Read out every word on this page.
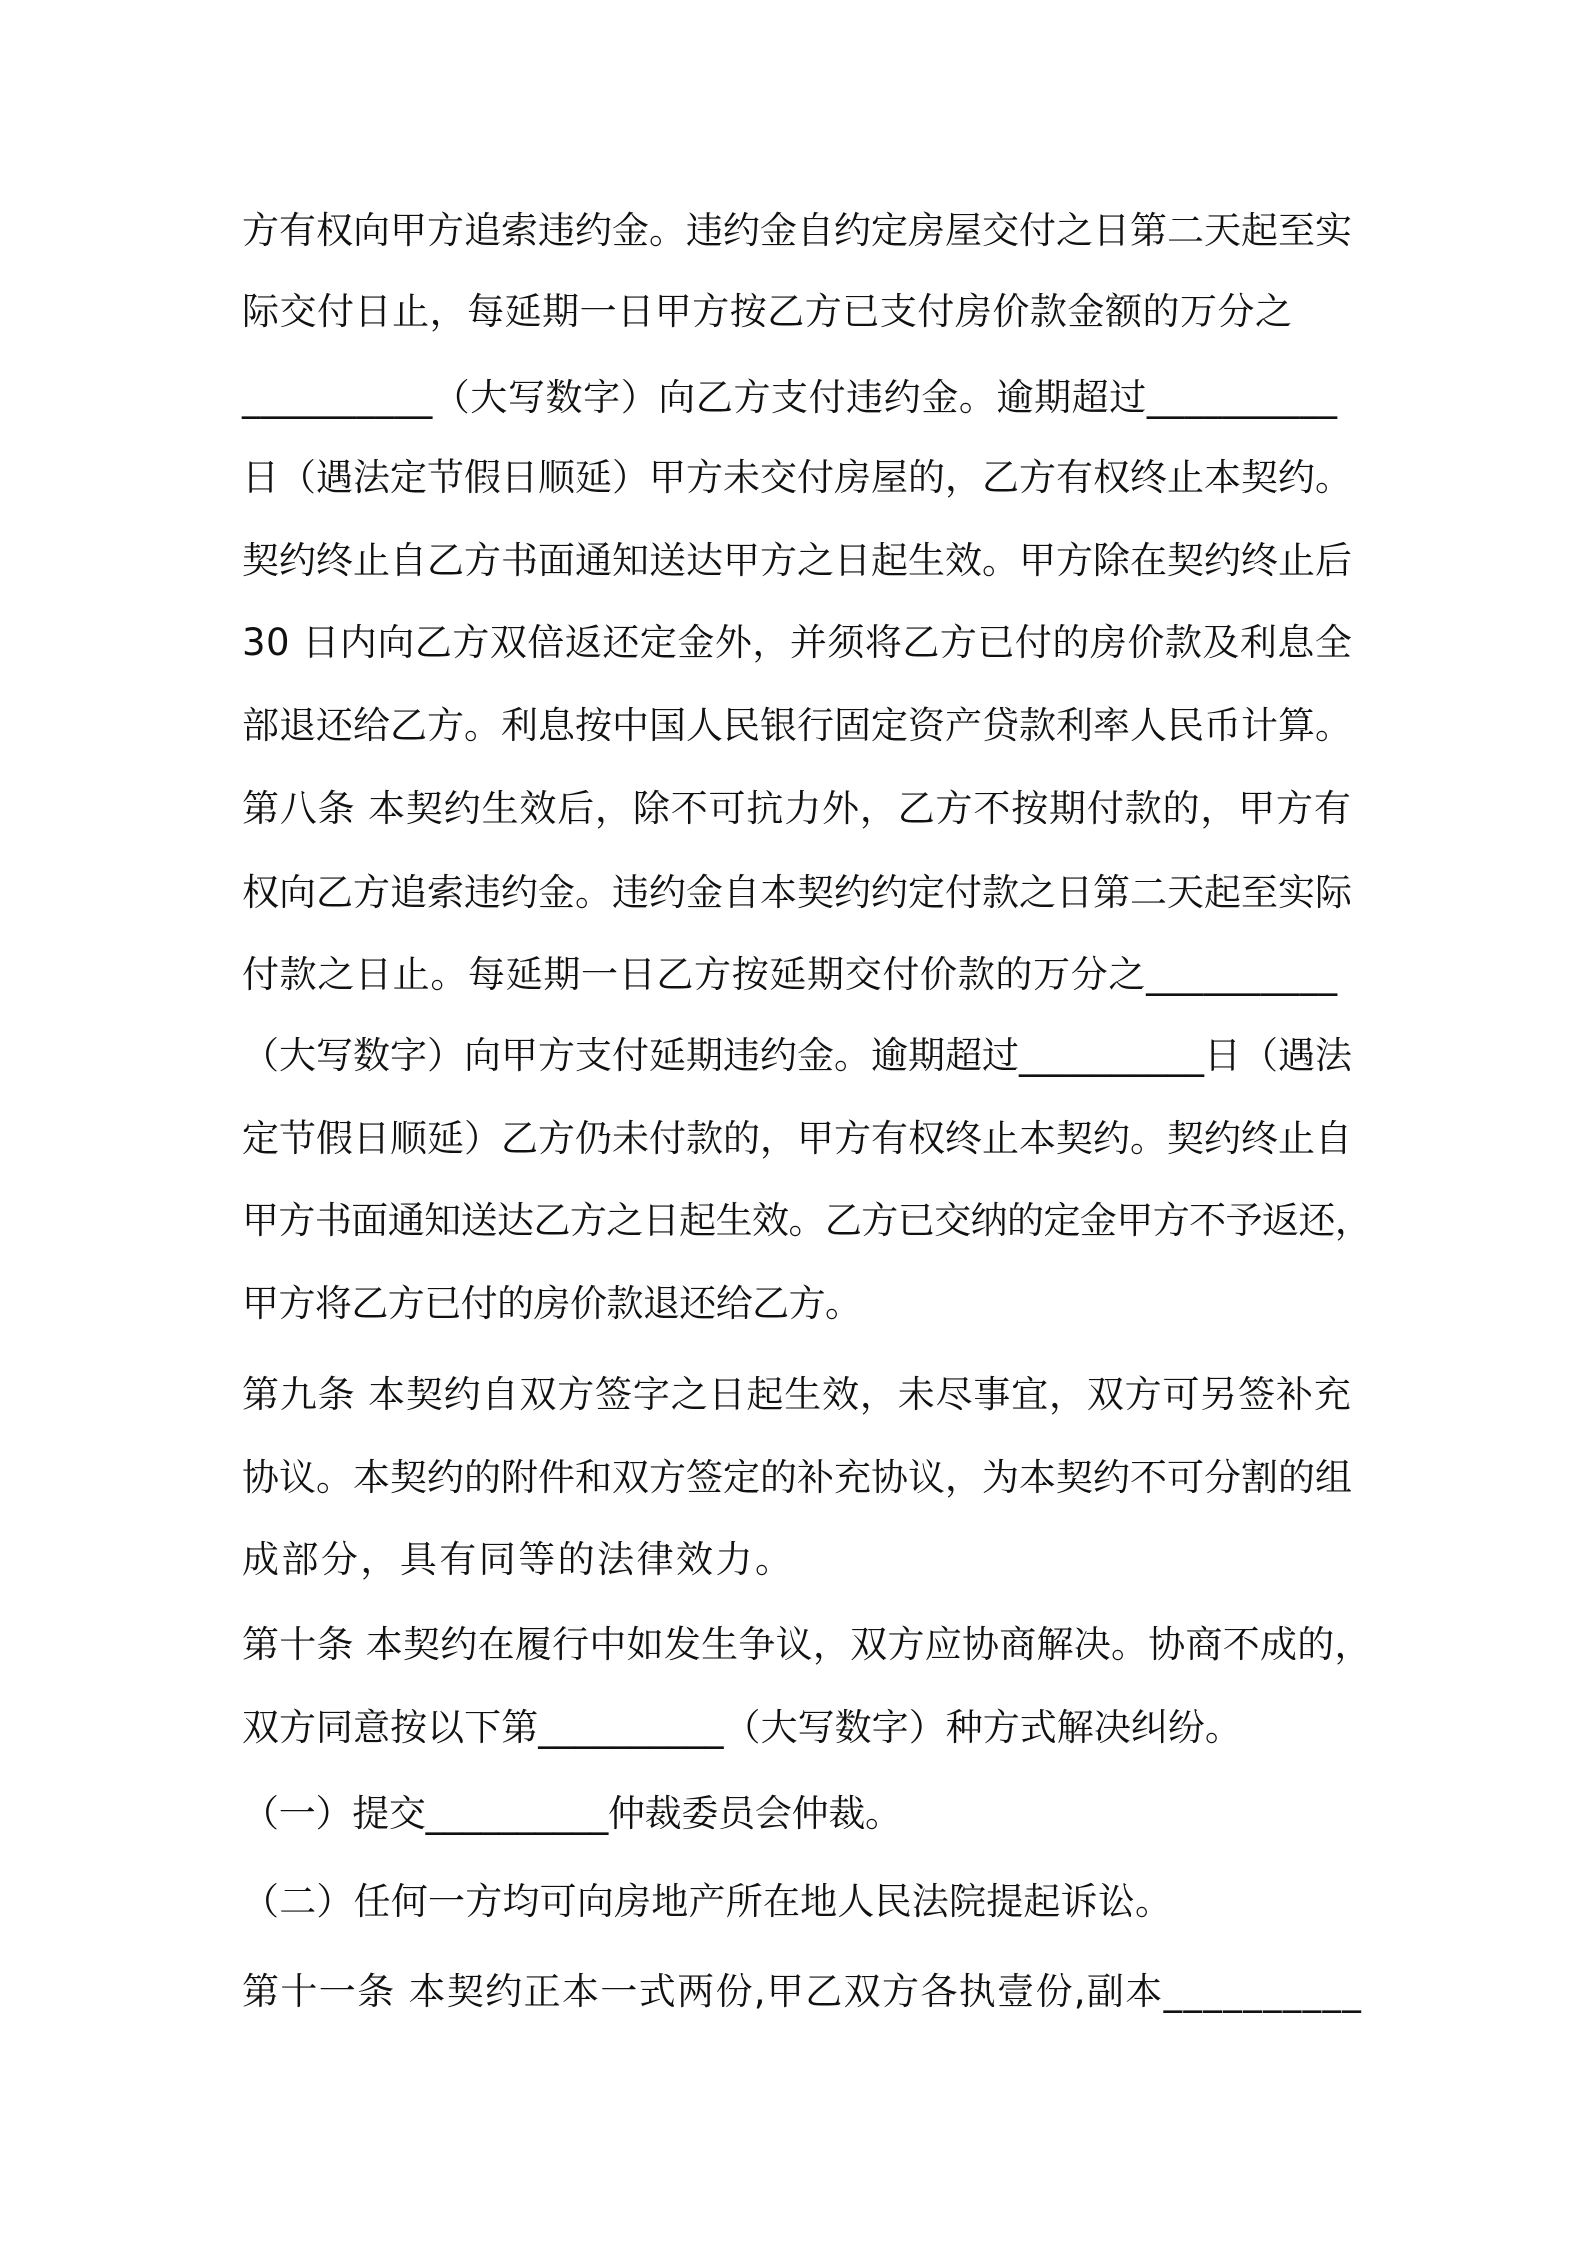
方有权向甲方追索违约金。违约金自约定房屋交付之日第二天起至实
际交付日止，每延期一日甲方按乙方已支付房价款金额的万分之
__________（大写数字）向乙方支付违约金。逾期超过__________
日（遇法定节假日顺延）甲方未交付房屋的，乙方有权终止本契约。
契约终止自乙方书面通知送达甲方之日起生效。甲方除在契约终止后
30 日内向乙方双倍返还定金外，并须将乙方已付的房价款及利息全
部退还给乙方。利息按中国人民银行固定资产贷款利率人民币计算。
第八条 本契约生效后，除不可抗力外，乙方不按期付款的，甲方有
权向乙方追索违约金。违约金自本契约约定付款之日第二天起至实际
付款之日止。每延期一日乙方按延期交付价款的万分之__________
（大写数字）向甲方支付延期违约金。逾期超过__________日（遇法
定节假日顺延）乙方仍未付款的，甲方有权终止本契约。契约终止自
甲方书面通知送达乙方之日起生效。乙方已交纳的定金甲方不予返还，
甲方将乙方已付的房价款退还给乙方。
第九条 本契约自双方签字之日起生效，未尽事宜，双方可另签补充
协议。本契约的附件和双方签定的补充协议，为本契约不可分割的组
成部分，具有同等的法律效力。
第十条 本契约在履行中如发生争议，双方应协商解决。协商不成的，
双方同意按以下第__________（大写数字）种方式解决纠纷。
（一）提交__________仲裁委员会仲裁。
（二）任何一方均可向房地产所在地人民法院提起诉讼。
第十一条 本契约正本一式两份,甲乙双方各执壹份,副本__________
